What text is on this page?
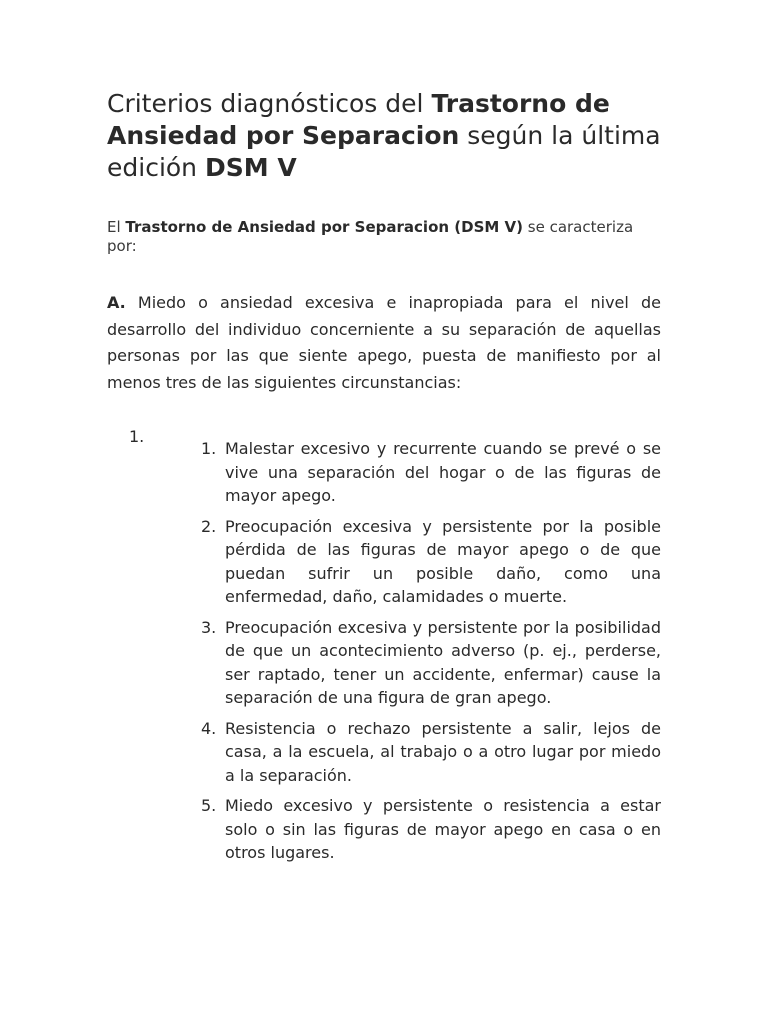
Criterios diagnósticos del Trastorno de Ansiedad por Separacion según la última edición DSM V

El Trastorno de Ansiedad por Separacion (DSM V) se caracteriza por:

A. Miedo o ansiedad excesiva e inapropiada para el nivel de desarrollo del individuo concerniente a su separación de aquellas personas por las que siente apego, puesta de manifiesto por al menos tres de las siguientes circunstancias:

1.
1. Malestar excesivo y recurrente cuando se prevé o se vive una separación del hogar o de las figuras de mayor apego.
2. Preocupación excesiva y persistente por la posible pérdida de las figuras de mayor apego o de que puedan sufrir un posible daño, como una enfermedad, daño, calamidades o muerte.
3. Preocupación excesiva y persistente por la posibilidad de que un acontecimiento adverso (p. ej., perderse, ser raptado, tener un accidente, enfermar) cause la separación de una figura de gran apego.
4. Resistencia o rechazo persistente a salir, lejos de casa, a la escuela, al trabajo o a otro lugar por miedo a la separación.
5. Miedo excesivo y persistente o resistencia a estar solo o sin las figuras de mayor apego en casa o en otros lugares.
